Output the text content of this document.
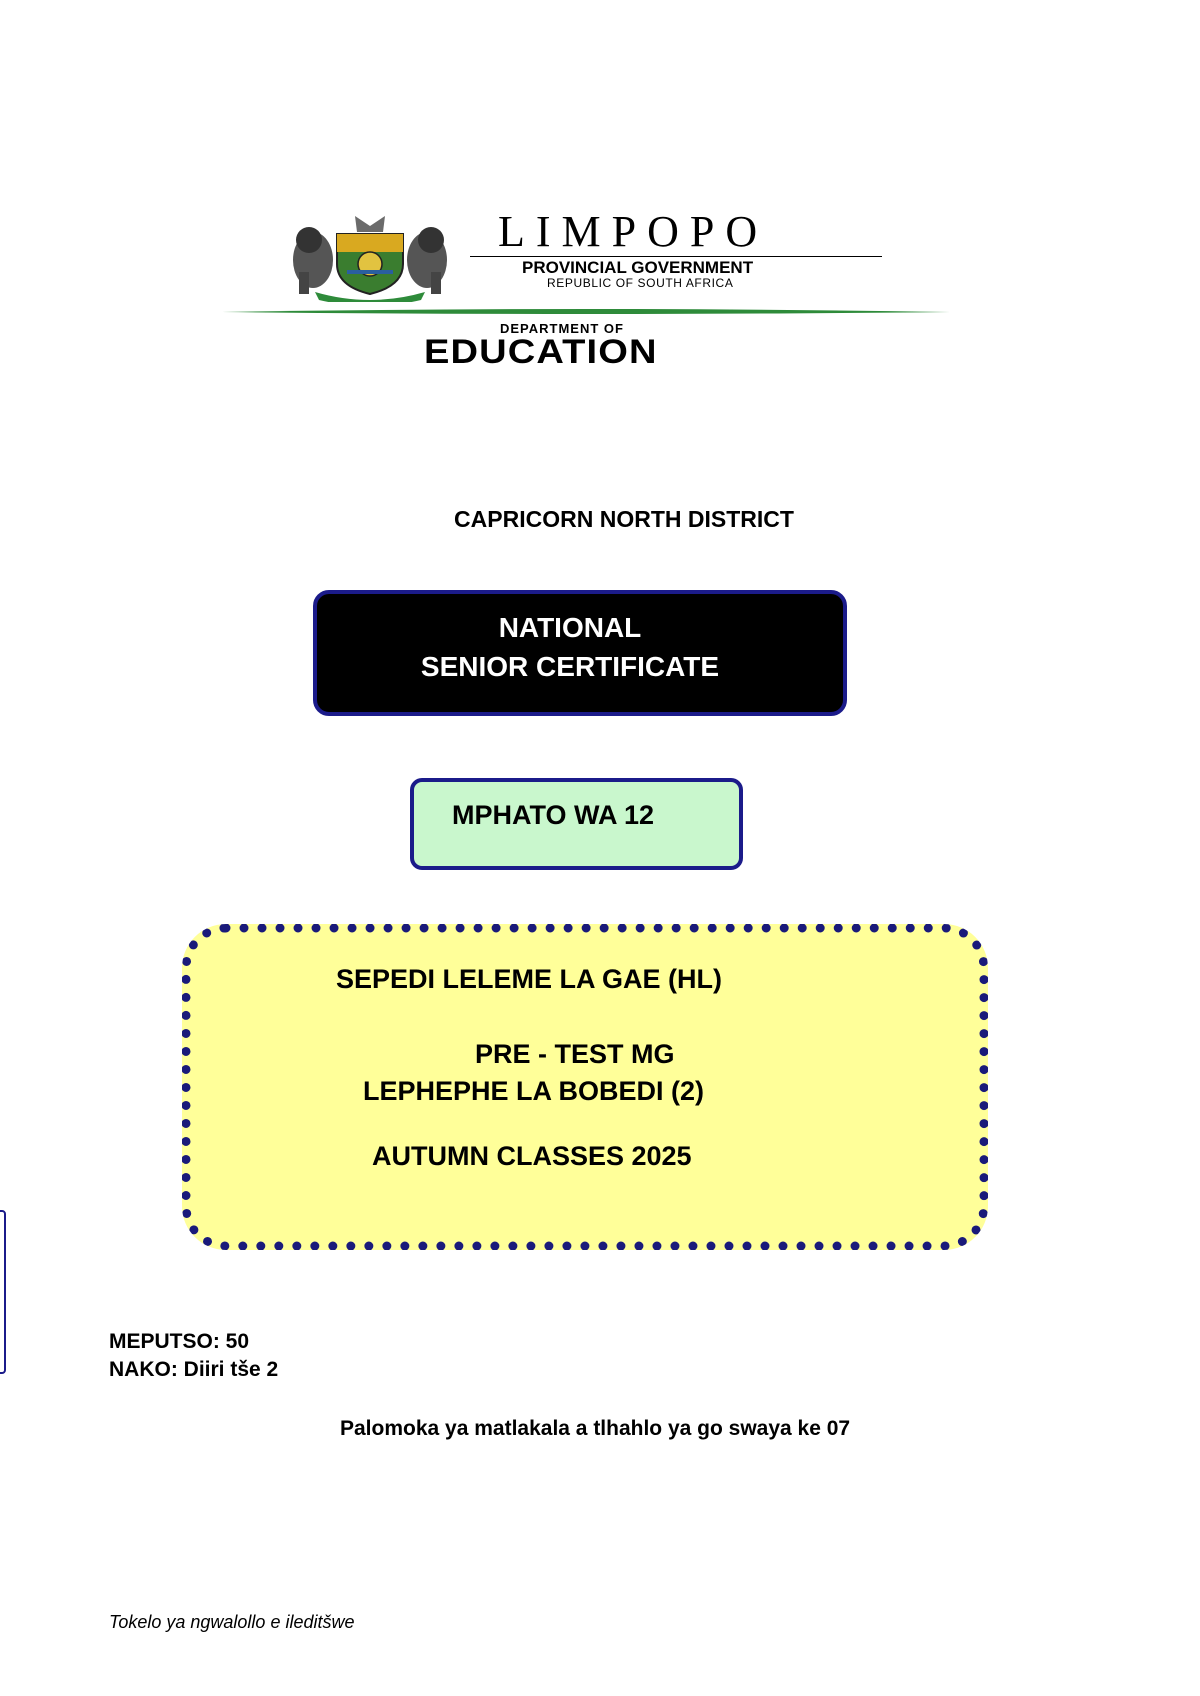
LIMPOPO
PROVINCIAL GOVERNMENT
REPUBLIC OF SOUTH AFRICA
DEPARTMENT OF
EDUCATION
CAPRICORN NORTH DISTRICT
NATIONAL
SENIOR CERTIFICATE
MPHATO WA 12
SEPEDI LELEME LA GAE (HL)
PRE - TEST MG
LEPHEPHE LA BOBEDI (2)
AUTUMN CLASSES 2025
MEPUTSO: 50
NAKO: Diiri tše 2
Palomoka ya matlakala a tlhahlo ya go swaya ke 07
Tokelo ya ngwalollo e ileditšwe
